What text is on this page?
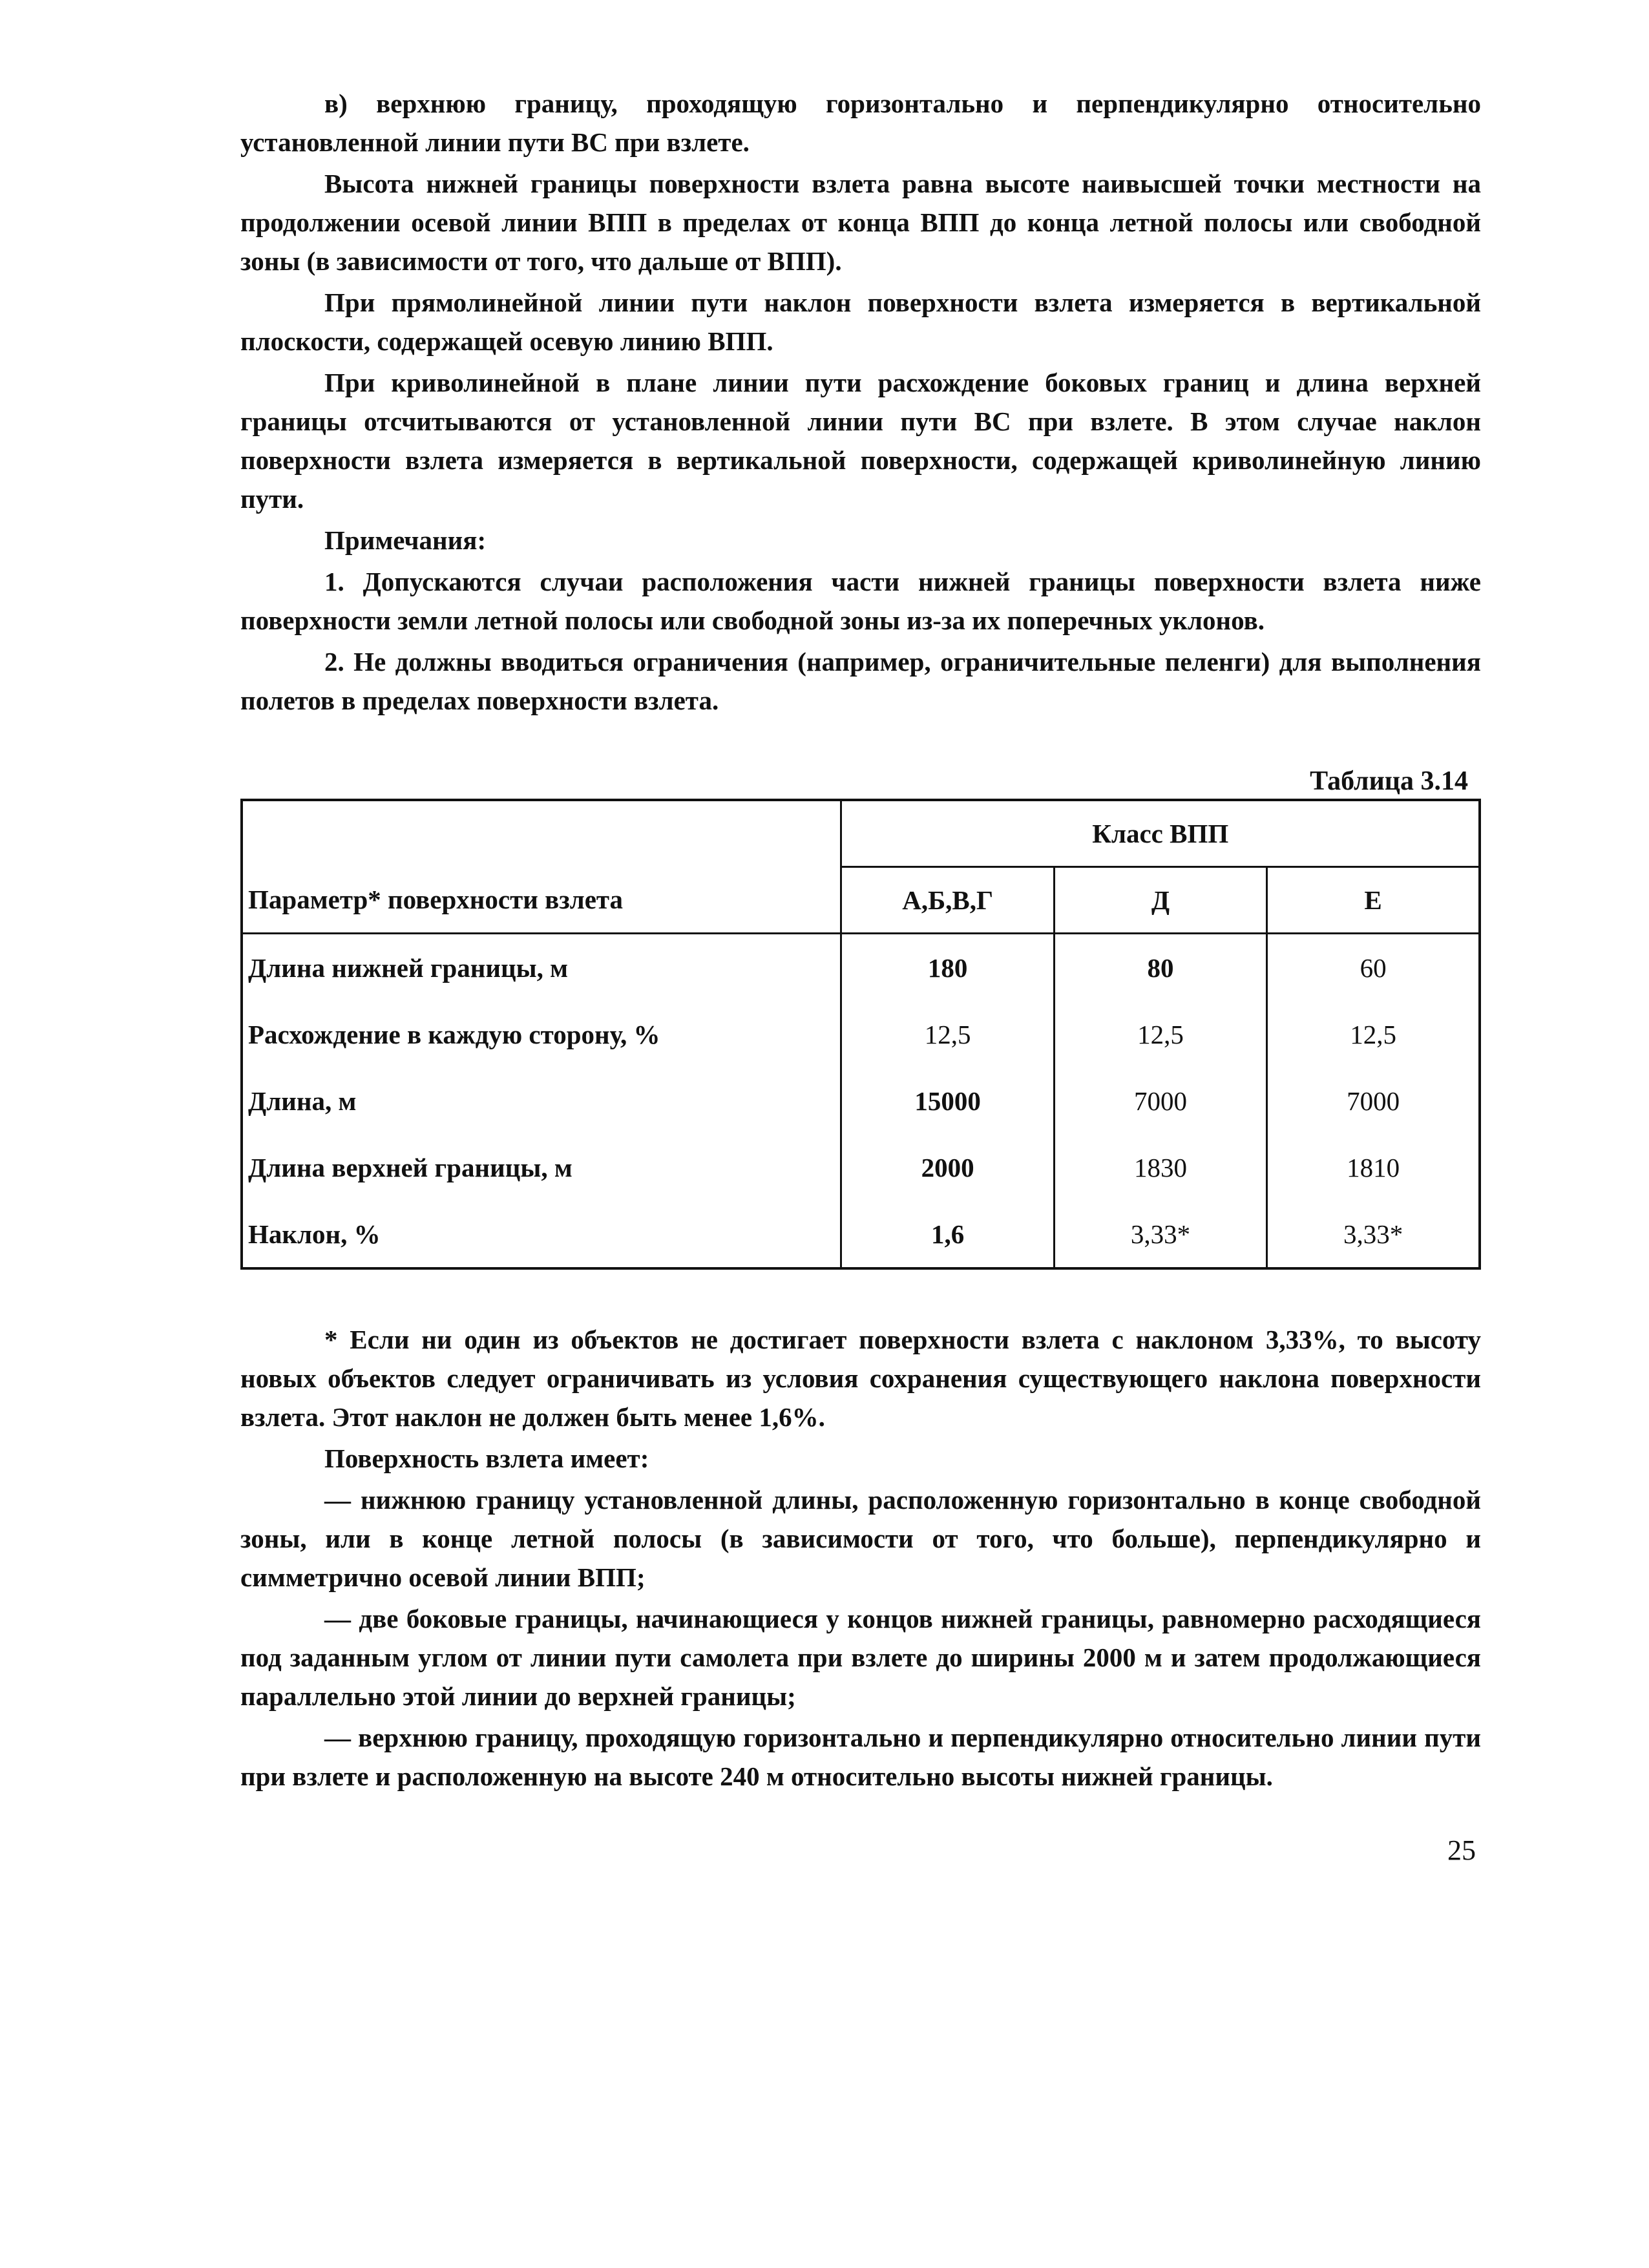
в) верхнюю границу, проходящую горизонтально и перпендикулярно относительно установленной линии пути ВС при взлете.

Высота нижней границы поверхности взлета равна высоте наивысшей точки местности на продолжении осевой линии ВПП в пределах от конца ВПП до конца летной полосы или свободной зоны (в зависимости от того, что дальше от ВПП).

При прямолинейной линии пути наклон поверхности взлета измеряется в вертикальной плоскости, содержащей осевую линию ВПП.

При криволинейной в плане линии пути расхождение боковых границ и длина верхней границы отсчитываются от установленной линии пути ВС при взлете. В этом случае наклон поверхности взлета измеряется в вертикальной поверхности, содержащей криволинейную линию пути.

Примечания:

1. Допускаются случаи расположения части нижней границы поверхности взлета ниже поверхности земли летной полосы или свободной зоны из-за их поперечных уклонов.

2. Не должны вводиться ограничения (например, ограничительные пеленги) для выполнения полетов в пределах поверхности взлета.

Таблица 3.14
	Класс ВПП		
Параметр* поверхности взлета	А,Б,В,Г	Д	Е
Длина нижней границы, м	180	80	60
Расхождение в каждую сторону, %	12,5	12,5	12,5
Длина, м	15000	7000	7000
Длина верхней границы, м	2000	1830	1810
Наклон, %	1,6	3,33*	3,33*

* Если ни один из объектов не достигает поверхности взлета с наклоном 3,33%, то высоту новых объектов следует ограничивать из условия сохранения существующего наклона поверхности взлета. Этот наклон не должен быть менее 1,6%.

Поверхность взлета имеет:

— нижнюю границу установленной длины, расположенную горизонтально в конце свободной зоны, или в конце летной полосы (в зависимости от того, что больше), перпендикулярно и симметрично осевой линии ВПП;

— две боковые границы, начинающиеся у концов нижней границы, равномерно расходящиеся под заданным углом от линии пути самолета при взлете до ширины 2000 м и затем продолжающиеся параллельно этой линии до верхней границы;

— верхнюю границу, проходящую горизонтально и перпендикулярно относительно линии пути при взлете и расположенную на высоте 240 м относительно высоты нижней границы.

25
